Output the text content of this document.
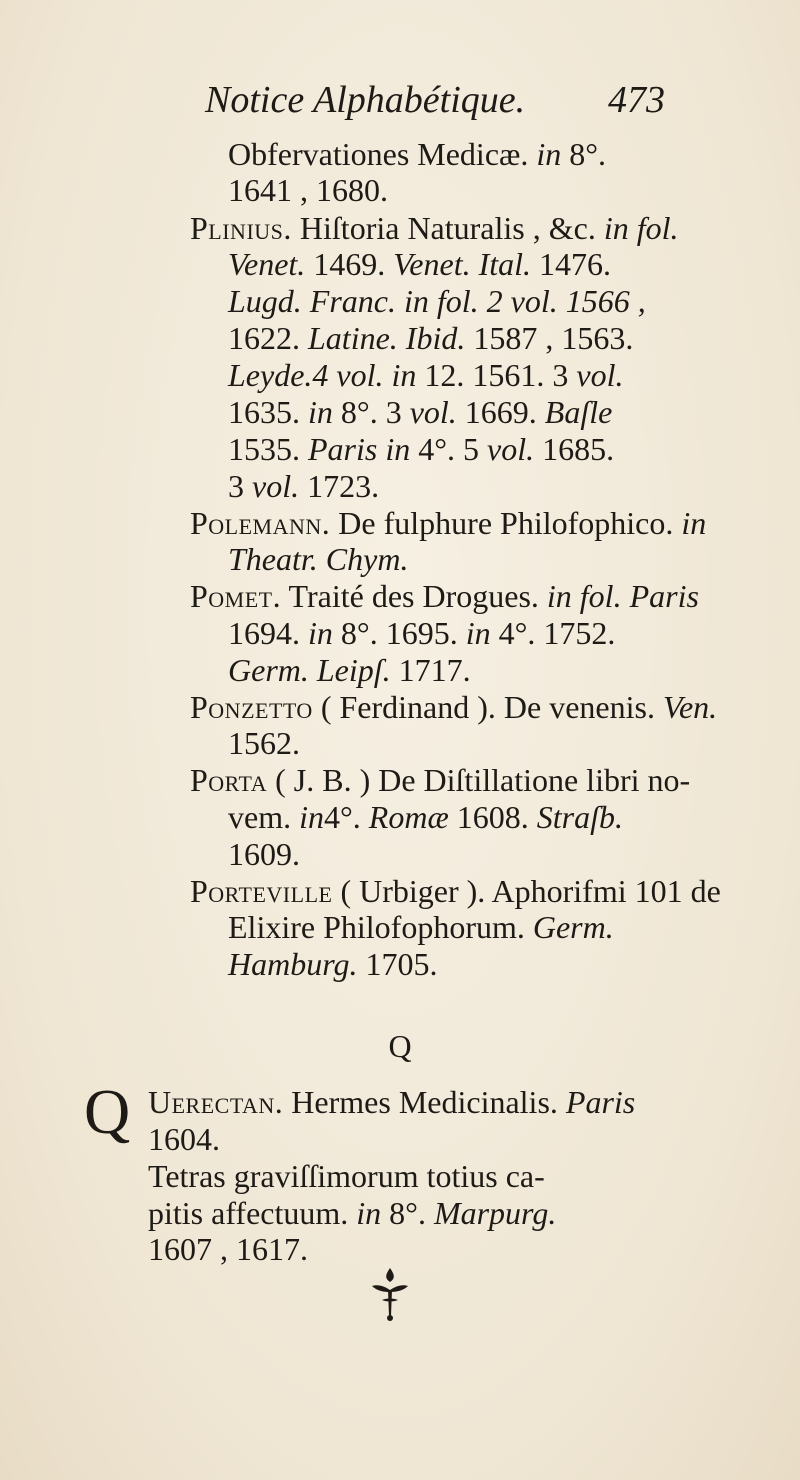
Notice Alphabétique. 473
Obfervationes Medicæ. in 8°.
1641 , 1680.
Plinius. Hiſtoria Naturalis , &c. in fol.
Venet. 1469. Venet. Ital. 1476.
Lugd. Franc. in fol. 2 vol. 1566 ,
1622. Latine. Ibid. 1587 , 1563.
Leyde.4 vol. in 12. 1561. 3 vol.
1635. in 8°. 3 vol. 1669. Baſle
1535. Paris in 4°. 5 vol. 1685.
3 vol. 1723.
Polemann. De fulphure Philofophico. in
Theatr. Chym.
Pomet. Traité des Drogues. in fol. Paris
1694. in 8°. 1695. in 4°. 1752.
Germ. Leipſ. 1717.
Ponzetto ( Ferdinand ). De venenis. Ven.
1562.
Porta ( J. B. ) De Diſtillatione libri no-
vem. in4°. Romæ 1608. Straſb.
1609.
Porteville ( Urbiger ). Aphorifmi 101 de
Elixire Philofophorum. Germ.
Hamburg. 1705.
Q
Q Uerectan. Hermes Medicinalis. Paris
1604.
Tetras graviſſimorum totius ca-
pitis affectuum. in 8°. Marpurg.
1607 , 1617.
